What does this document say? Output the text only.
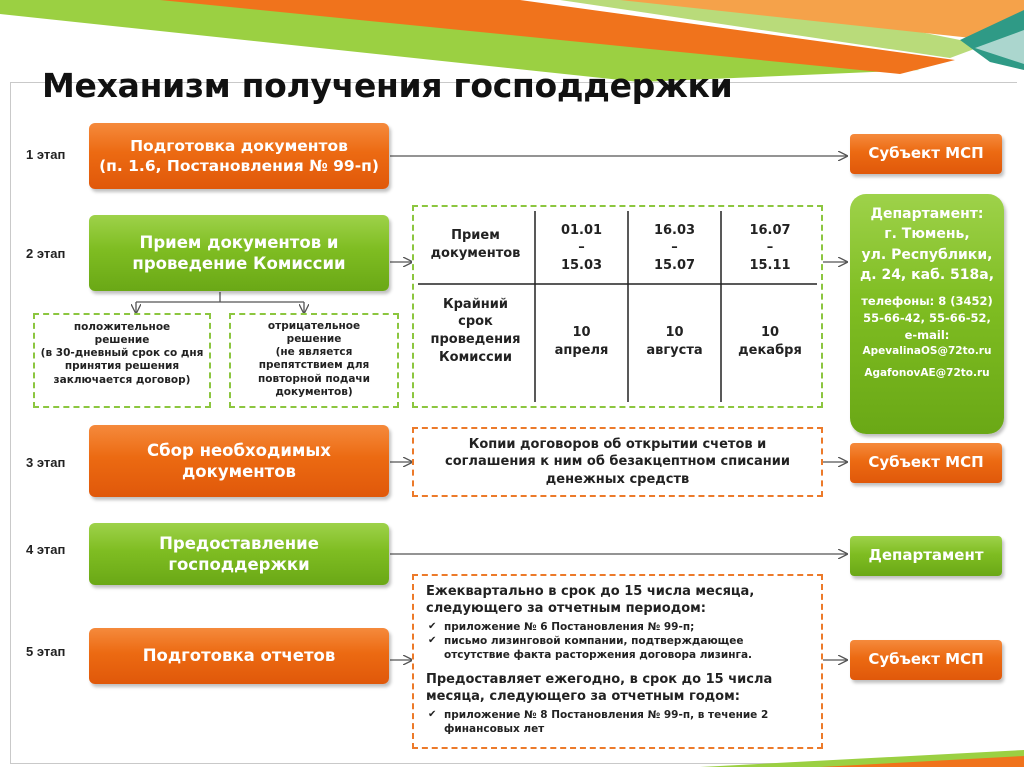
Механизм получения господдержки
1 этап
2 этап
3 этап
4 этап
5 этап
Подготовка документов
(п. 1.6, Постановления № 99-п)
Прием документов и
проведение Комиссии
Сбор необходимых
документов
Предоставление
господдержки
Подготовка отчетов
положительное решение
(в 30-дневный срок со дня принятия решения заключается договор)
отрицательное решение
(не является препятствием для повторной подачи документов)
Прием
документов
01.01
–
15.03
16.03
–
15.07
16.07
–
15.11
Крайний
срок
проведения
Комиссии
10
апреля
10
августа
10
декабря
Департамент:
г. Тюмень,
ул. Республики,
д. 24, каб. 518а,
телефоны: 8 (3452)
55-66-42, 55-66-52,
e-mail:
ApevalinaOS@72to.ru
AgafonovAE@72to.ru
Копии договоров об открытии счетов и соглашения к ним об безакцептном списании денежных средств
Ежеквартально в срок до 15 числа месяца, следующего за отчетным периодом:
✔ приложение № 6 Постановления № 99-п;
✔ письмо лизинговой компании, подтверждающее отсутствие факта расторжения договора лизинга.
Предоставляет ежегодно, в срок до 15 числа месяца, следующего за отчетным годом:
✔ приложение № 8 Постановления № 99-п, в течение 2 финансовых лет
Субъект МСП
Субъект МСП
Департамент
Субъект МСП
